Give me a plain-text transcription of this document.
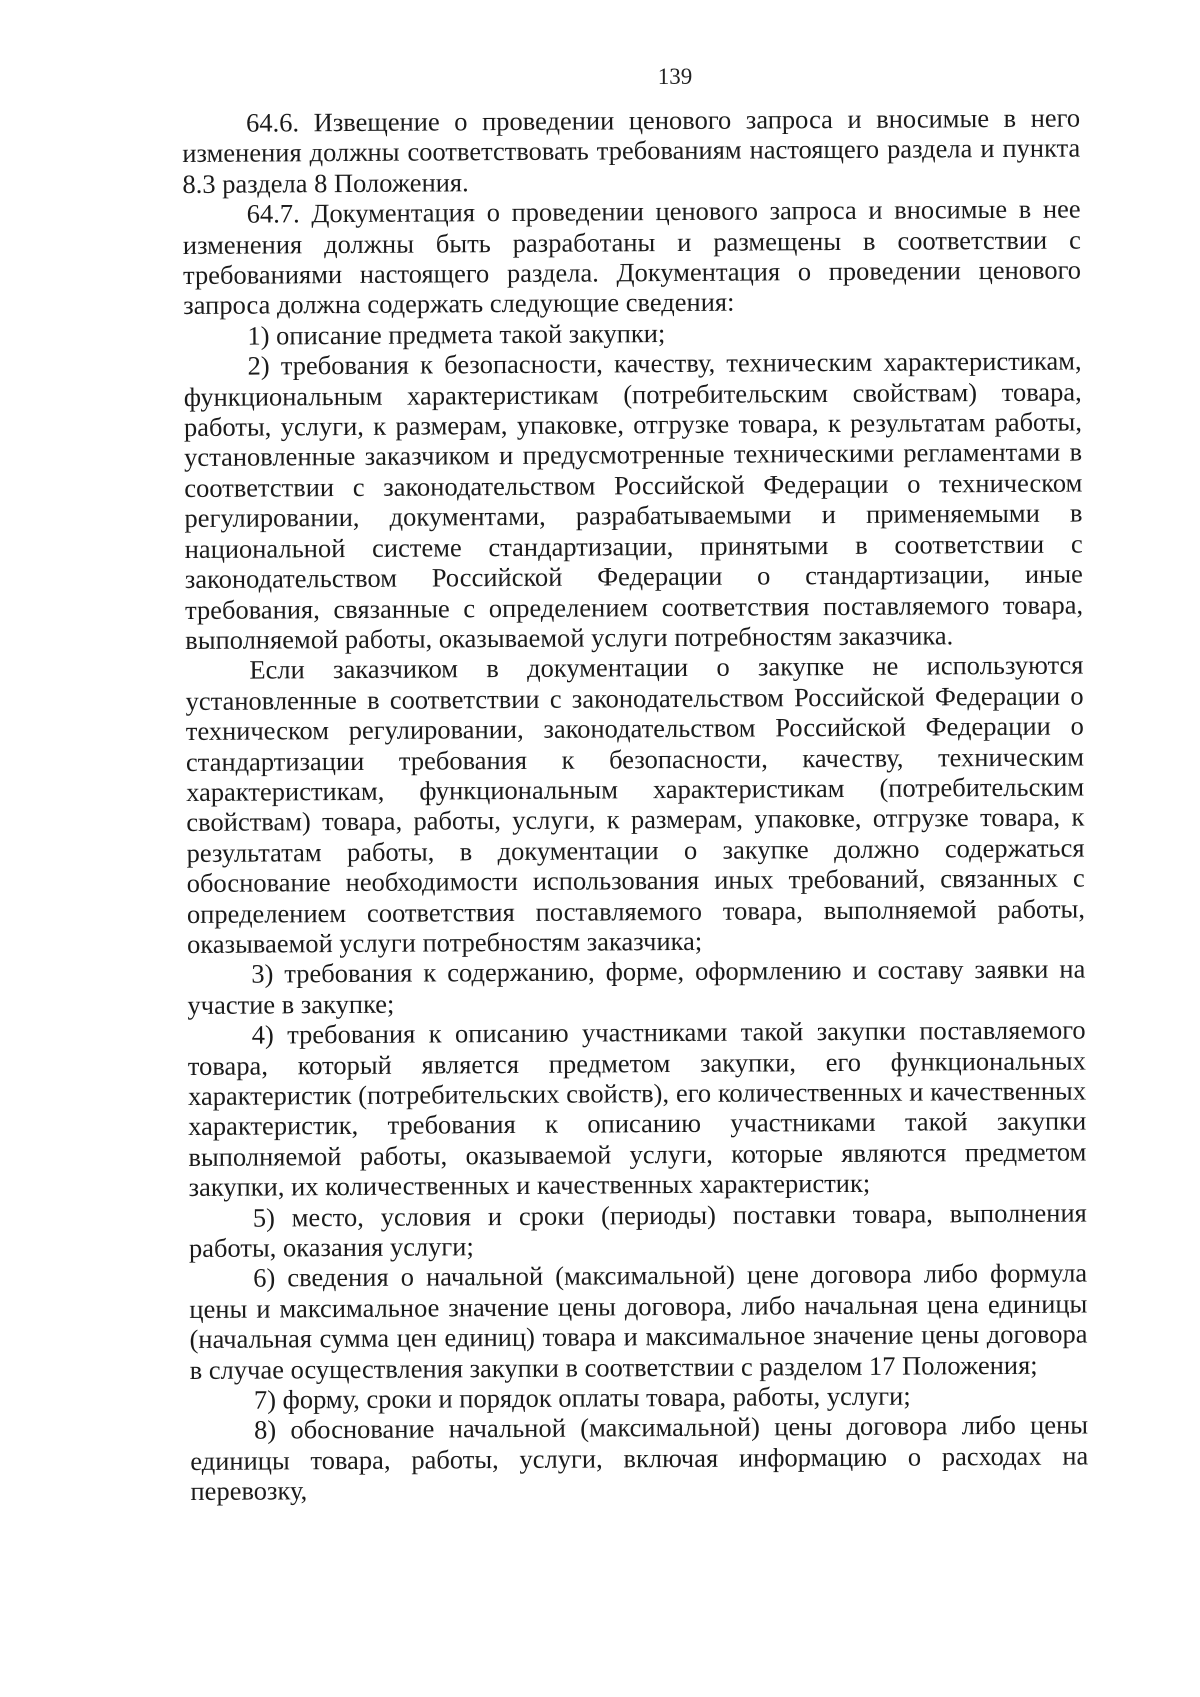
139

64.6. Извещение о проведении ценового запроса и вносимые в него изменения должны соответствовать требованиям настоящего раздела и пункта 8.3 раздела 8 Положения.

64.7. Документация о проведении ценового запроса и вносимые в нее изменения должны быть разработаны и размещены в соответствии с требованиями настоящего раздела. Документация о проведении ценового запроса должна содержать следующие сведения:

1) описание предмета такой закупки;

2) требования к безопасности, качеству, техническим характеристикам, функциональным характеристикам (потребительским свойствам) товара, работы, услуги, к размерам, упаковке, отгрузке товара, к результатам работы, установленные заказчиком и предусмотренные техническими регламентами в соответствии с законодательством Российской Федерации о техническом регулировании, документами, разрабатываемыми и применяемыми в национальной системе стандартизации, принятыми в соответствии с законодательством Российской Федерации о стандартизации, иные требования, связанные с определением соответствия поставляемого товара, выполняемой работы, оказываемой услуги потребностям заказчика.

Если заказчиком в документации о закупке не используются установленные в соответствии с законодательством Российской Федерации о техническом регулировании, законодательством Российской Федерации о стандартизации требования к безопасности, качеству, техническим характеристикам, функциональным характеристикам (потребительским свойствам) товара, работы, услуги, к размерам, упаковке, отгрузке товара, к результатам работы, в документации о закупке должно содержаться обоснование необходимости использования иных требований, связанных с определением соответствия поставляемого товара, выполняемой работы, оказываемой услуги потребностям заказчика;

3) требования к содержанию, форме, оформлению и составу заявки на участие в закупке;

4) требования к описанию участниками такой закупки поставляемого товара, который является предметом закупки, его функциональных характеристик (потребительских свойств), его количественных и качественных характеристик, требования к описанию участниками такой закупки выполняемой работы, оказываемой услуги, которые являются предметом закупки, их количественных и качественных характеристик;

5) место, условия и сроки (периоды) поставки товара, выполнения работы, оказания услуги;

6) сведения о начальной (максимальной) цене договора либо формула цены и максимальное значение цены договора, либо начальная цена единицы (начальная сумма цен единиц) товара и максимальное значение цены договора в случае осуществления закупки в соответствии с разделом 17 Положения;

7) форму, сроки и порядок оплаты товара, работы, услуги;

8) обоснование начальной (максимальной) цены договора либо цены единицы товара, работы, услуги, включая информацию о расходах на перевозку,
